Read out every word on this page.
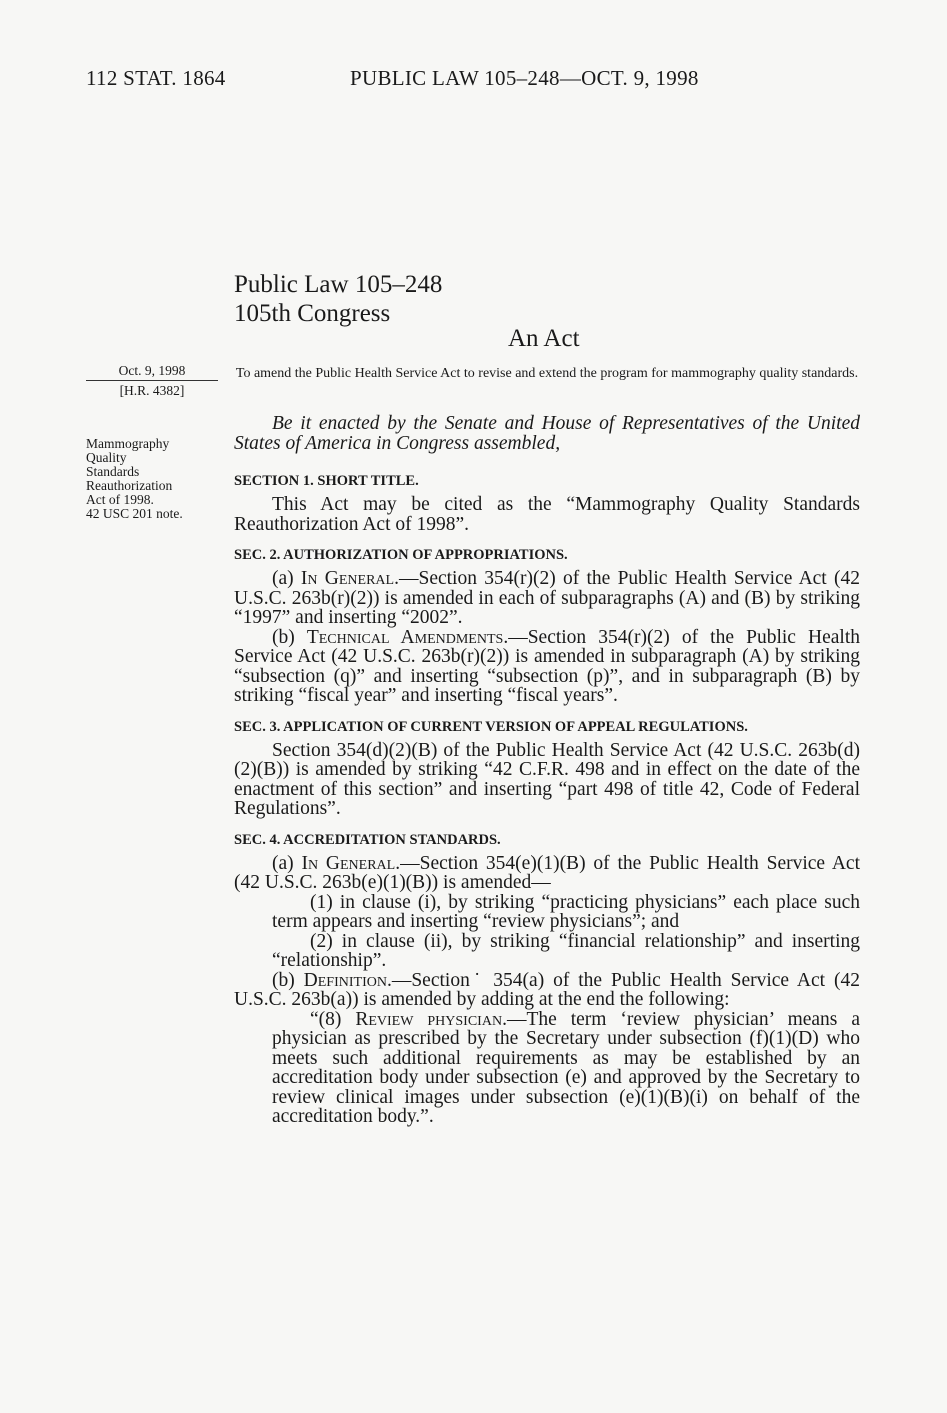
112 STAT. 1864	PUBLIC LAW 105–248—OCT. 9, 1998
Public Law 105–248
105th Congress
An Act
Oct. 9, 1998
[H.R. 4382]
Mammography
Quality
Standards
Reauthorization
Act of 1998.
42 USC 201 note.
To amend the Public Health Service Act to revise and extend the program for mammography quality standards.

Be it enacted by the Senate and House of Representatives of the United States of America in Congress assembled,

SECTION 1. SHORT TITLE.

This Act may be cited as the “Mammography Quality Standards Reauthorization Act of 1998”.

SEC. 2. AUTHORIZATION OF APPROPRIATIONS.

(a) In General.—Section 354(r)(2) of the Public Health Service Act (42 U.S.C. 263b(r)(2)) is amended in each of subparagraphs (A) and (B) by striking “1997” and inserting “2002”.

(b) Technical Amendments.—Section 354(r)(2) of the Public Health Service Act (42 U.S.C. 263b(r)(2)) is amended in subparagraph (A) by striking “subsection (q)” and inserting “subsection (p)”, and in subparagraph (B) by striking “fiscal year” and inserting “fiscal years”.

SEC. 3. APPLICATION OF CURRENT VERSION OF APPEAL REGULATIONS.

Section 354(d)(2)(B) of the Public Health Service Act (42 U.S.C. 263b(d)(2)(B)) is amended by striking “42 C.F.R. 498 and in effect on the date of the enactment of this section” and inserting “part 498 of title 42, Code of Federal Regulations”.

SEC. 4. ACCREDITATION STANDARDS.

(a) In General.—Section 354(e)(1)(B) of the Public Health Service Act (42 U.S.C. 263b(e)(1)(B)) is amended—

(1) in clause (i), by striking “practicing physicians” each place such term appears and inserting “review physicians”; and

(2) in clause (ii), by striking “financial relationship” and inserting “relationship”.

(b) Definition.—Section˙ 354(a) of the Public Health Service Act (42 U.S.C. 263b(a)) is amended by adding at the end the following:

“(8) Review physician.—The term ‘review physician’ means a physician as prescribed by the Secretary under subsection (f)(1)(D) who meets such additional requirements as may be established by an accreditation body under subsection (e) and approved by the Secretary to review clinical images under subsection (e)(1)(B)(i) on behalf of the accreditation body.”.
